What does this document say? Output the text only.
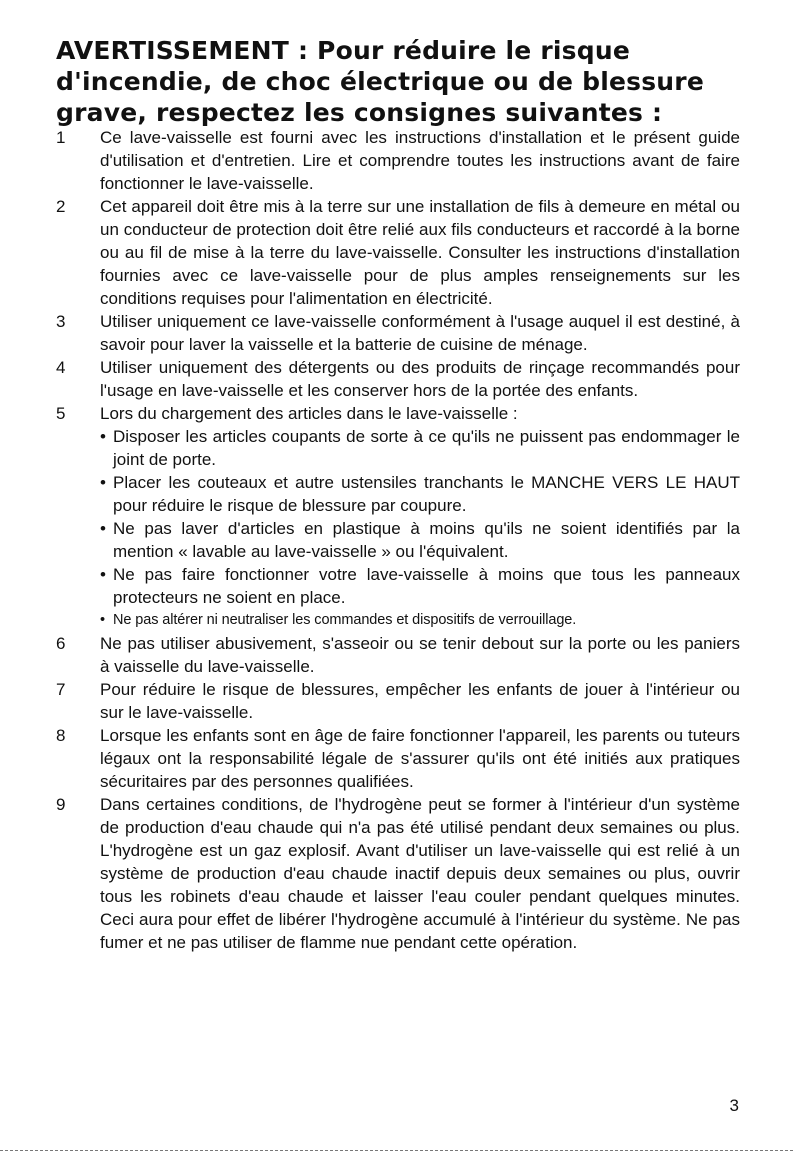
AVERTISSEMENT : Pour réduire le risque d'incendie, de choc électrique ou de blessure grave, respectez les consignes suivantes :
1	Ce lave-vaisselle est fourni avec les instructions d'installation et le présent guide d'utilisation et d'entretien. Lire et comprendre toutes les instructions avant de faire fonctionner le lave-vaisselle.
2	Cet appareil doit être mis à la terre sur une installation de fils à demeure en métal ou un conducteur de protection doit être relié aux fils conducteurs et raccordé à la borne ou au fil de mise à la terre du lave-vaisselle. Consulter les instructions d'installation fournies avec ce lave-vaisselle pour de plus amples renseignements sur les conditions requises pour l'alimentation en électricité.
3	Utiliser uniquement ce lave-vaisselle conformément à l'usage auquel il est destiné, à savoir pour laver la vaisselle et la batterie de cuisine de ménage.
4	Utiliser uniquement des détergents ou des produits de rinçage recommandés pour l'usage en lave-vaisselle et les conserver hors de la portée des enfants.
5	Lors du chargement des articles dans le lave-vaisselle :
• Disposer les articles coupants de sorte à ce qu'ils ne puissent pas endommager le joint de porte.
• Placer les couteaux et autre ustensiles tranchants le MANCHE VERS LE HAUT pour réduire le risque de blessure par coupure.
• Ne pas laver d'articles en plastique à moins qu'ils ne soient identifiés par la mention « lavable au lave-vaisselle » ou l'équivalent.
• Ne pas faire fonctionner votre lave-vaisselle à moins que tous les panneaux protecteurs ne soient en place.
• Ne pas altérer ni neutraliser les commandes et dispositifs de verrouillage.
6	Ne pas utiliser abusivement, s'asseoir ou se tenir debout sur la porte ou les paniers à vaisselle du lave-vaisselle.
7	Pour réduire le risque de blessures, empêcher les enfants de jouer à l'intérieur ou sur le lave-vaisselle.
8	Lorsque les enfants sont en âge de faire fonctionner l'appareil, les parents ou tuteurs légaux ont la responsabilité légale de s'assurer qu'ils ont été initiés aux pratiques sécuritaires par des personnes qualifiées.
9	Dans certaines conditions, de l'hydrogène peut se former à l'intérieur d'un système de production d'eau chaude qui n'a pas été utilisé pendant deux semaines ou plus. L'hydrogène est un gaz explosif. Avant d'utiliser un lave-vaisselle qui est relié à un système de production d'eau chaude inactif depuis deux semaines ou plus, ouvrir tous les robinets d'eau chaude et laisser l'eau couler pendant quelques minutes. Ceci aura pour effet de libérer l'hydrogène accumulé à l'intérieur du système. Ne pas fumer et ne pas utiliser de flamme nue pendant cette opération.
3
